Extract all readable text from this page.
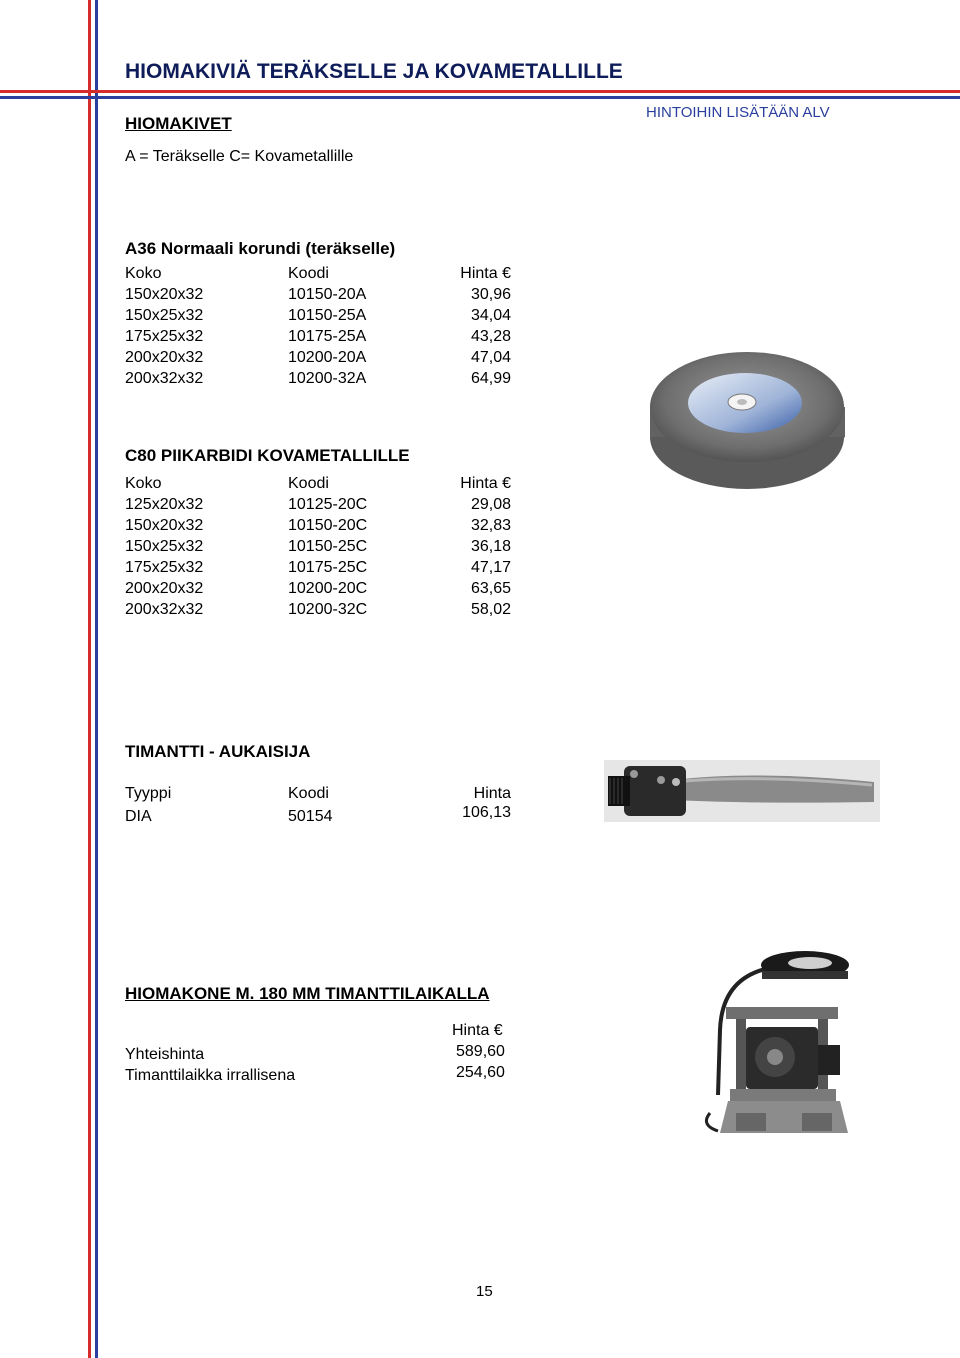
HIOMAKIVIÄ TERÄKSELLE JA KOVAMETALLILLE
HIOMAKIVET
HINTOIHIN LISÄTÄÄN ALV
A = Teräkselle C= Kovametallille
A36 Normaali korundi (teräkselle)
Koko	Koodi	Hinta €
150x20x32	10150-20A	30,96
150x25x32	10150-25A	34,04
175x25x32	10175-25A	43,28
200x20x32	10200-20A	47,04
200x32x32	10200-32A	64,99
C80 PIIKARBIDI KOVAMETALLILLE
Koko	Koodi	Hinta €
125x20x32	10125-20C	29,08
150x20x32	10150-20C	32,83
150x25x32	10150-25C	36,18
175x25x32	10175-25C	47,17
200x20x32	10200-20C	63,65
200x32x32	10200-32C	58,02
TIMANTTI - AUKAISIJA
Tyyppi	Koodi	Hinta
DIA	50154	106,13
HIOMAKONE M. 180 MM TIMANTTILAIKALLA
Hinta €
Yhteishinta	589,60
Timanttilaikka irrallisena	254,60
15
